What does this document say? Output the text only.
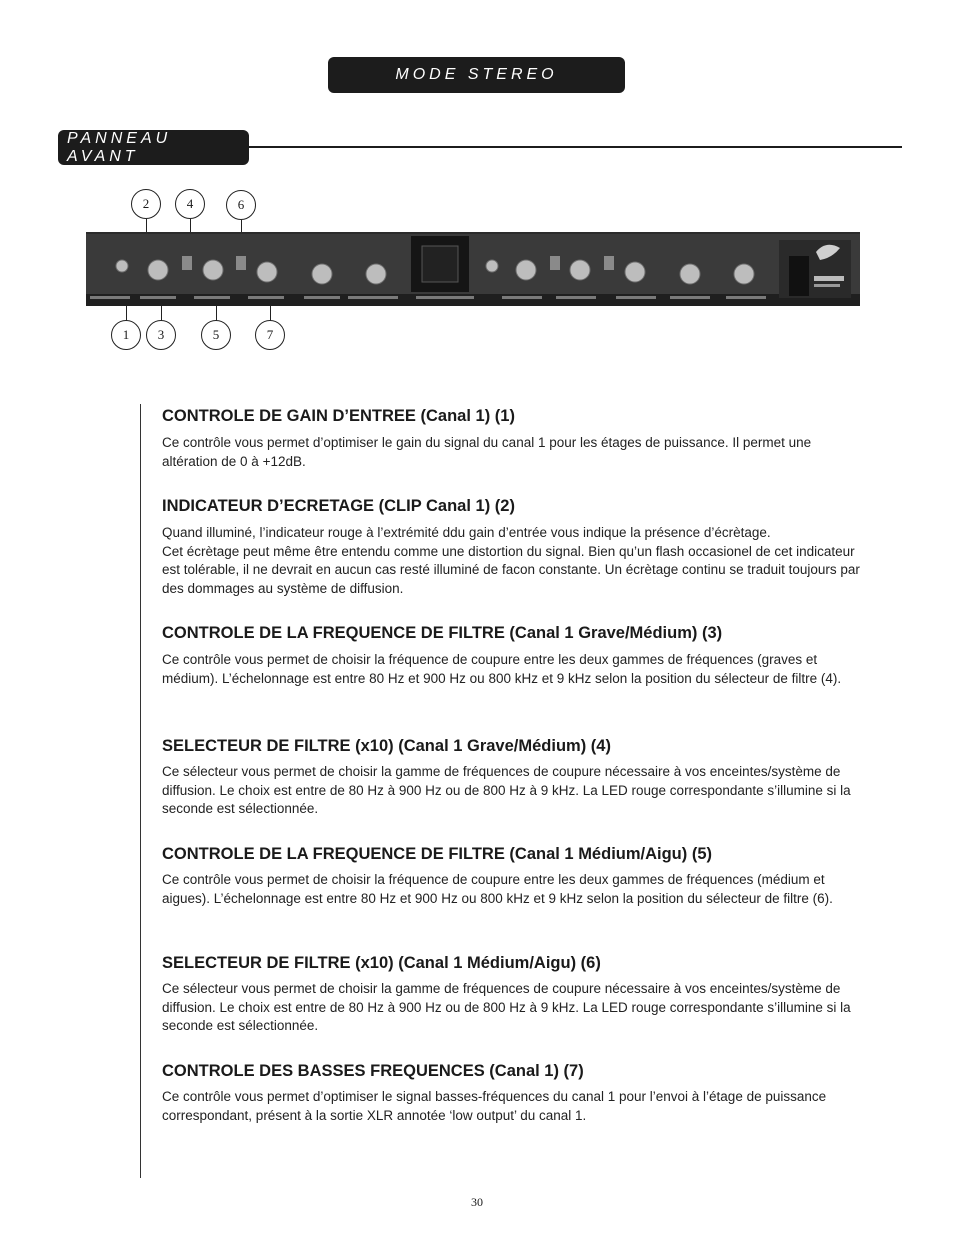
MODE STEREO
PANNEAU AVANT
2	4	6
1	3	5	7
CONTROLE DE GAIN D’ENTREE (Canal 1) (1)

Ce contrôle vous permet d’optimiser le gain du signal du canal 1 pour les étages de puissance. Il permet une altération de 0 à +12dB.

INDICATEUR D’ECRETAGE (CLIP Canal 1) (2)

Quand illuminé, l’indicateur rouge à l’extrémité ddu gain d’entrée vous indique la présence d’écrètage.

Cet écrètage peut même être entendu comme une distortion du signal. Bien qu’un flash occasionel de cet indicateur est tolérable, il ne devrait en aucun cas resté illuminé de facon constante. Un écrètage continu se traduit toujours par des dommages au système de diffusion.

CONTROLE DE LA FREQUENCE DE FILTRE (Canal 1 Grave/Médium) (3)

Ce contrôle vous permet de choisir la fréquence de coupure entre les deux gammes de fréquences (graves et médium). L’échelonnage est entre 80 Hz et 900 Hz ou 800 kHz et 9 kHz selon la position du sélecteur de filtre (4).

SELECTEUR DE FILTRE (x10) (Canal 1 Grave/Médium) (4)

Ce sélecteur vous permet de choisir la gamme de fréquences de coupure nécessaire à vos enceintes/système de diffusion. Le choix est entre de 80 Hz à 900 Hz ou de 800 Hz à 9 kHz. La LED rouge correspondante s’illumine si la seconde est sélectionnée.

CONTROLE DE LA FREQUENCE DE FILTRE (Canal 1 Médium/Aigu) (5)

Ce contrôle vous permet de choisir la fréquence de coupure entre les deux gammes de fréquences (médium et aigues). L’échelonnage est entre 80 Hz et 900 Hz ou 800 kHz et 9 kHz selon la position du sélecteur de filtre (6).

SELECTEUR DE FILTRE (x10) (Canal 1 Médium/Aigu) (6)

Ce sélecteur vous permet de choisir la gamme de fréquences de coupure nécessaire à vos enceintes/système de diffusion. Le choix est entre de 80 Hz à 900 Hz ou de 800 Hz à 9 kHz. La LED rouge correspondante s’illumine si la seconde est sélectionnée.

CONTROLE DES BASSES FREQUENCES (Canal 1) (7)

Ce contrôle vous permet d’optimiser le signal basses-fréquences du canal 1 pour l’envoi à l’étage de puissance correspondant, présent à la sortie XLR annotée ‘low output’ du canal 1.

30
